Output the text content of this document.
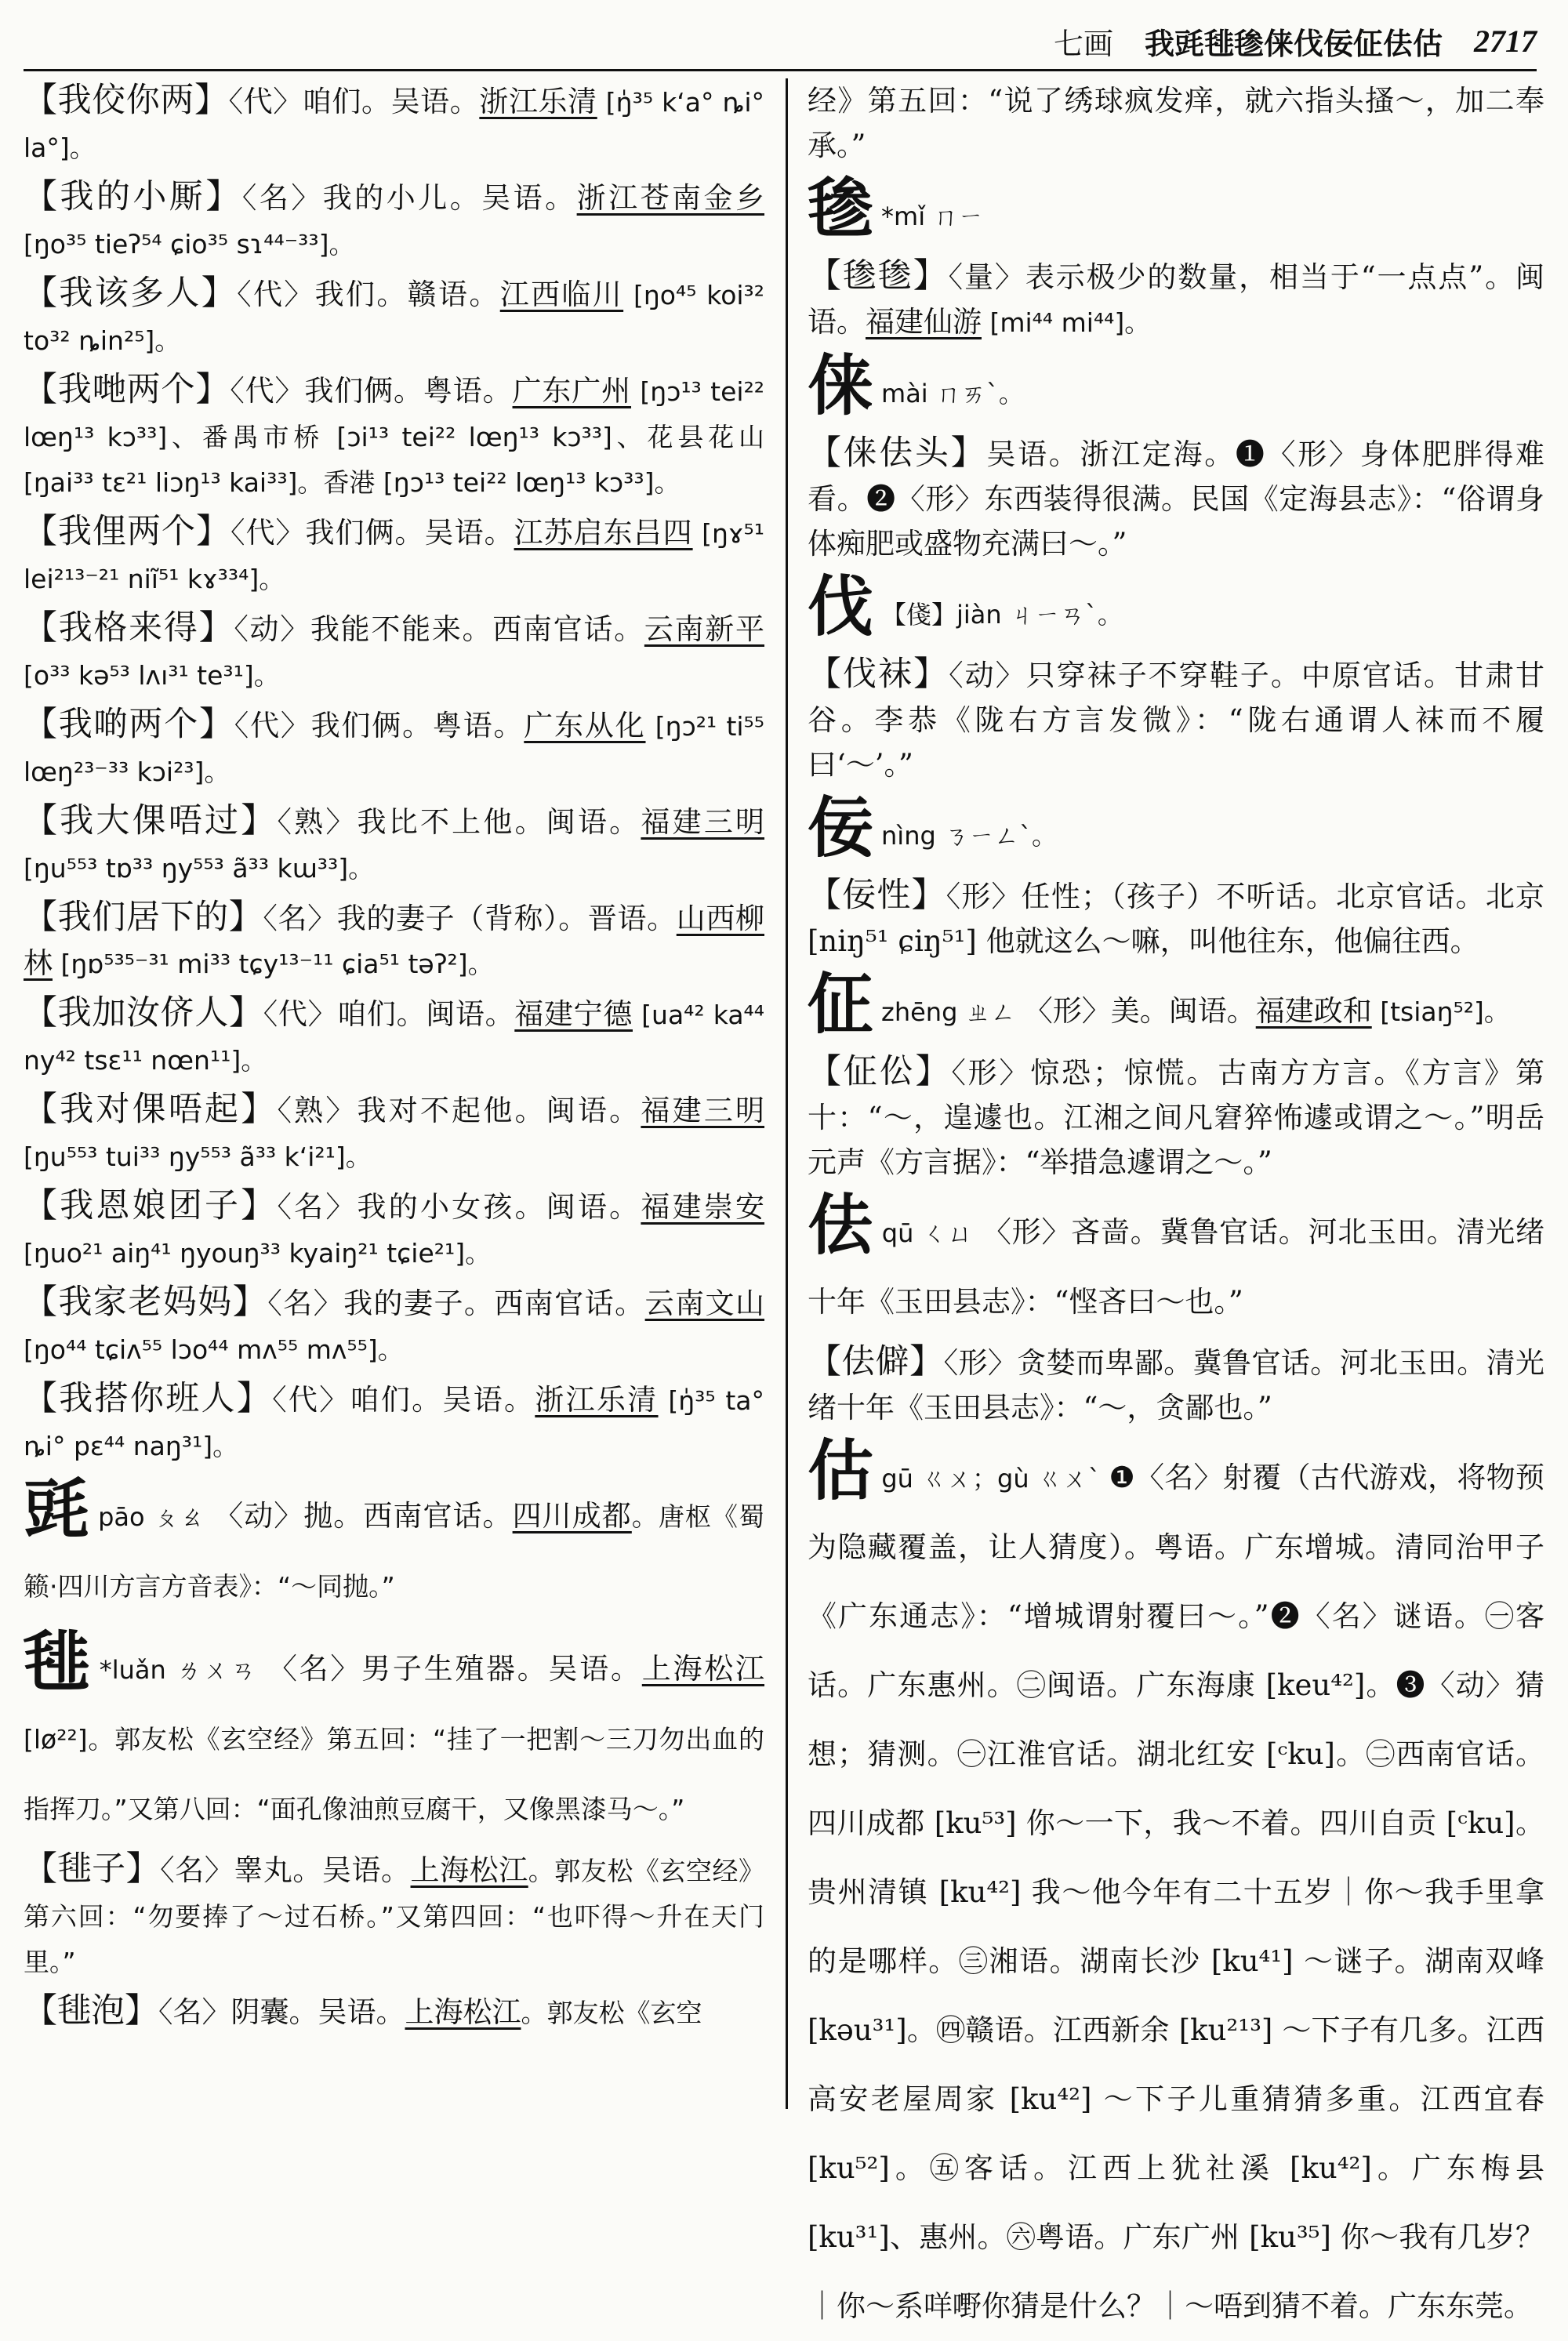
七画 我毭毴毶俫伐佞佂佉估 2717
【我佼你两】〈代〉咱们。吴语。浙江乐清 [ŋ̍³⁵ kʻa° ȵi° la°]。
【我的小厮】〈名〉我的小儿。吴语。浙江苍南金乡 [ŋo³⁵ tieʔ⁵⁴ ɕio³⁵ sɿ⁴⁴⁻³³]。
【我该多人】〈代〉我们。赣语。江西临川 [ŋo⁴⁵ koi³² to³² ȵin²⁵]。
【我哋两个】〈代〉我们俩。粤语。广东广州 [ŋɔ¹³ tei²² lœŋ¹³ kɔ³³]、番禺市桥 [ɔi¹³ tei²² lœŋ¹³ kɔ³³]、花县花山 [ŋai³³ tɛ²¹ liɔŋ¹³ kai³³]。香港 [ŋɔ¹³ tei²² lœŋ¹³ kɔ³³]。
【我俚两个】〈代〉我们俩。吴语。江苏启东吕四 [ŋɤ⁵¹ lei²¹³⁻²¹ niĩ⁵¹ kɤ³³⁴]。
【我格来得】〈动〉我能不能来。西南官话。云南新平 [o³³ kə⁵³ lʌı³¹ te³¹]。
【我啲两个】〈代〉我们俩。粤语。广东从化 [ŋɔ²¹ ti⁵⁵ lœŋ²³⁻³³ kɔi²³]。
【我大倮唔过】〈熟〉我比不上他。闽语。福建三明 [ŋu⁵⁵³ tɒ³³ ŋy⁵⁵³ ã³³ kɯ³³]。
【我们居下的】〈名〉我的妻子（背称）。晋语。山西柳林 [ŋɒ⁵³⁵⁻³¹ mi³³ tɕy¹³⁻¹¹ ɕia⁵¹ təʔ²]。
【我加汝侪人】〈代〉咱们。闽语。福建宁德 [ua⁴² ka⁴⁴ ny⁴² tsɛ¹¹ nœn¹¹]。
【我对倮唔起】〈熟〉我对不起他。闽语。福建三明 [ŋu⁵⁵³ tui³³ ŋy⁵⁵³ ã³³ kʻi²¹]。
【我恩娘团子】〈名〉我的小女孩。闽语。福建崇安 [ŋuo²¹ aiŋ⁴¹ ŋyouŋ³³ kyaiŋ²¹ tɕie²¹]。
【我家老妈妈】〈名〉我的妻子。西南官话。云南文山 [ŋo⁴⁴ tɕiʌ⁵⁵ lɔo⁴⁴ mʌ⁵⁵ mʌ⁵⁵]。
【我搭你班人】〈代〉咱们。吴语。浙江乐清 [ŋ̍³⁵ ta° ȵi° pɛ⁴⁴ naŋ³¹]。
毭pāo ㄆㄠ 〈动〉抛。西南官话。四川成都。唐枢《蜀籁·四川方言方音表》：“～同抛。”
毴 *luǎn ㄌㄨㄢ 〈名〉男子生殖器。吴语。上海松江 [lø²²]。郭友松《玄空经》第五回：“挂了一把割～三刀勿出血的指挥刀。”又第八回：“面孔像油煎豆腐干，又像黑漆马～。”
【毴子】〈名〉睾丸。吴语。上海松江。郭友松《玄空经》第六回：“勿要捧了～过石桥。”又第四回：“也吓得～升在天门里。”
【毴泡】〈名〉阴囊。吴语。上海松江。郭友松《玄空
经》第五回：“说了绣球疯发痒，就六指头搔～，加二奉承。”
毶 *mǐ ㄇㄧ
【毶毶】〈量〉表示极少的数量，相当于“一点点”。闽语。福建仙游 [mi⁴⁴ mi⁴⁴]。
俫mài ㄇㄞˋ。
【俫佉头】吴语。浙江定海。❶〈形〉身体肥胖得难看。❷〈形〉东西装得很满。民国《定海县志》：“俗谓身体痴肥或盛物充满曰～。”
伐 【俴】jiàn ㄐㄧㄢˋ。
【伐袜】〈动〉只穿袜子不穿鞋子。中原官话。甘肃甘谷。李恭《陇右方言发微》：“陇右通谓人袜而不履曰‘～’。”
佞nìng ㄋㄧㄥˋ。
【佞性】〈形〉任性；（孩子）不听话。北京官话。北京 [niŋ⁵¹ ɕiŋ⁵¹] 他就这么～嘛，叫他往东，他偏往西。
佂zhēng ㄓㄥ 〈形〉美。闽语。福建政和 [tsiaŋ⁵²]。
【佂伀】〈形〉惊恐；惊慌。古南方方言。《方言》第十：“～，遑遽也。江湘之间凡窘猝怖遽或谓之～。”明岳元声《方言据》：“举措急遽谓之～。”
佉qū ㄑㄩ 〈形〉吝啬。冀鲁官话。河北玉田。清光绪十年《玉田县志》：“悭吝曰～也。”
【佉僻】〈形〉贪婪而卑鄙。冀鲁官话。河北玉田。清光绪十年《玉田县志》：“～，贪鄙也。”
估gū ㄍㄨ；gù ㄍㄨˋ ❶〈名〉射覆（古代游戏，将物预为隐藏覆盖，让人猜度）。粤语。广东增城。清同治甲子《广东通志》：“增城谓射覆曰～。”❷〈名〉谜语。㊀客话。广东惠州。㊁闽语。广东海康 [keu⁴²]。❸〈动〉猜想；猜测。㊀江淮官话。湖北红安 [ᶜku]。㊁西南官话。四川成都 [ku⁵³] 你～一下，我～不着。四川自贡 [ᶜku]。贵州清镇 [ku⁴²] 我～他今年有二十五岁｜你～我手里拿的是哪样。㊂湘语。湖南长沙 [ku⁴¹] ～谜子。湖南双峰 [kəu³¹]。㊃赣语。江西新余 [ku²¹³] ～下子有几多。江西高安老屋周家 [ku⁴²] ～下子儿重猜猜多重。江西宜春 [ku⁵²]。㊄客话。江西上犹社溪 [ku⁴²]。广东梅县 [ku³¹]、惠州。㊅粤语。广东广州 [ku³⁵] 你～我有几岁？｜你～系咩嘢你猜是什么？｜～唔到猜不着。广东东莞。
